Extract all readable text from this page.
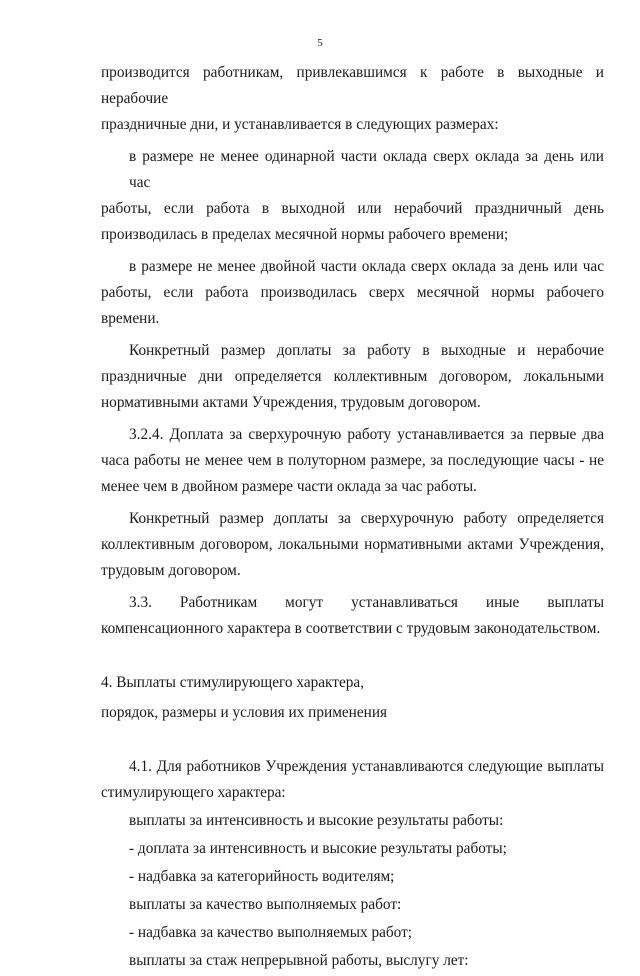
5

производится работникам, привлекавшимся к работе в выходные и нерабочие
праздничные дни, и устанавливается в следующих размерах:

в размере не менее одинарной части оклада сверх оклада за день или час
работы, если работа в выходной или нерабочий праздничный день
производилась в пределах месячной нормы рабочего времени;

в размере не менее двойной части оклада сверх оклада за день или час
работы, если работа производилась сверх месячной нормы рабочего времени.

Конкретный размер доплаты за работу в выходные и нерабочие
праздничные дни определяется коллективным договором, локальными
нормативными актами Учреждения, трудовым договором.

3.2.4. Доплата за сверхурочную работу устанавливается за первые два
часа работы не менее чем в полуторном размере, за последующие часы - не
менее чем в двойном размере части оклада за час работы.

Конкретный размер доплаты за сверхурочную работу определяется
коллективным договором, локальными нормативными актами Учреждения,
трудовым договором.

3.3.       Работникам       могут       устанавливаться       иные       выплаты
компенсационного характера в соответствии с трудовым законодательством.

4. Выплаты стимулирующего характера,

порядок, размеры и условия их применения

4.1. Для работников Учреждения устанавливаются следующие выплаты
стимулирующего характера:

выплаты за интенсивность и высокие результаты работы:

- доплата за интенсивность и высокие результаты работы;

- надбавка за категорийность водителям;

выплаты за качество выполняемых работ:

- надбавка за качество выполняемых работ;

выплаты за стаж непрерывной работы, выслугу лет:
